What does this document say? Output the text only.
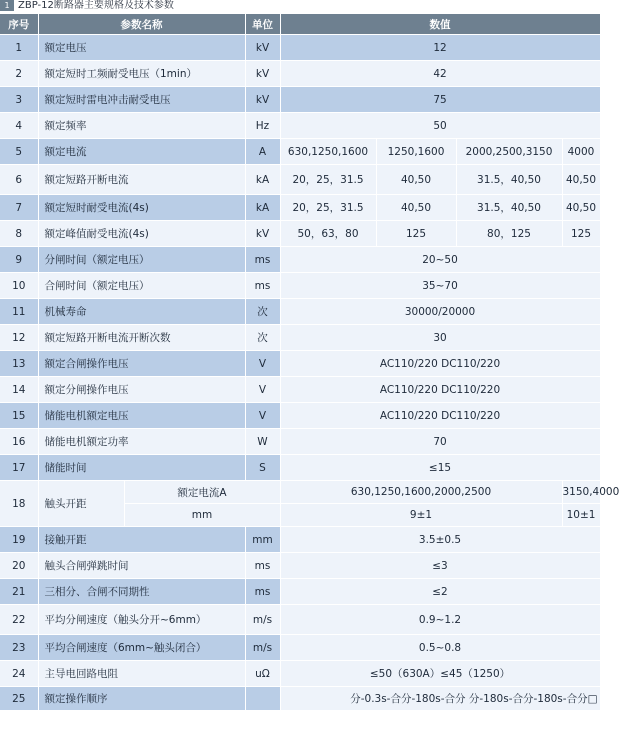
1 ZBP-12断路器主要规格及技术参数
序号	参数名称		单位	数值			
1	额定电压		kV	12			
2	额定短时工频耐受电压（1min）		kV	42			
3	额定短时雷电冲击耐受电压		kV	75			
4	额定频率		Hz	50			
5	额定电流		A	630,1250,1600	1250,1600	2000,2500,3150	4000
6	额定短路开断电流		kA	20，25，31.5	40,50	31.5，40,50	40,50
7	额定短时耐受电流(4s)		kA	20，25，31.5	40,50	31.5，40,50	40,50
8	额定峰值耐受电流(4s)		kV	50，63，80	125	80，125	125
9	分闸时间（额定电压）		ms	20~50			
10	合闸时间（额定电压）		ms	35~70			
11	机械寿命		次	30000/20000			
12	额定短路开断电流开断次数		次	30			
13	额定合闸操作电压		V	AC110/220 DC110/220			
14	额定分闸操作电压		V	AC110/220 DC110/220			
15	储能电机额定电压		V	AC110/220 DC110/220			
16	储能电机额定功率		W	70			
17	储能时间		S	≤15			
18	触头开距	额定电流A		630,1250,1600,2000,2500			3150,4000
		mm		9±1			10±1
19	接触开距		mm	3.5±0.5			
20	触头合闸弹跳时间		ms	≤3			
21	三相分、合闸不同期性		ms	≤2			
22	平均分闸速度（触头分开~6mm）		m/s	0.9~1.2			
23	平均合闸速度（6mm~触头闭合）		m/s	0.5~0.8			
24	主导电回路电阻		uΩ	≤50（630A）≤45（1250）			
25	额定操作顺序			分-0.3s-合分-180s-合分 分-180s-合分-180s-合分□			
